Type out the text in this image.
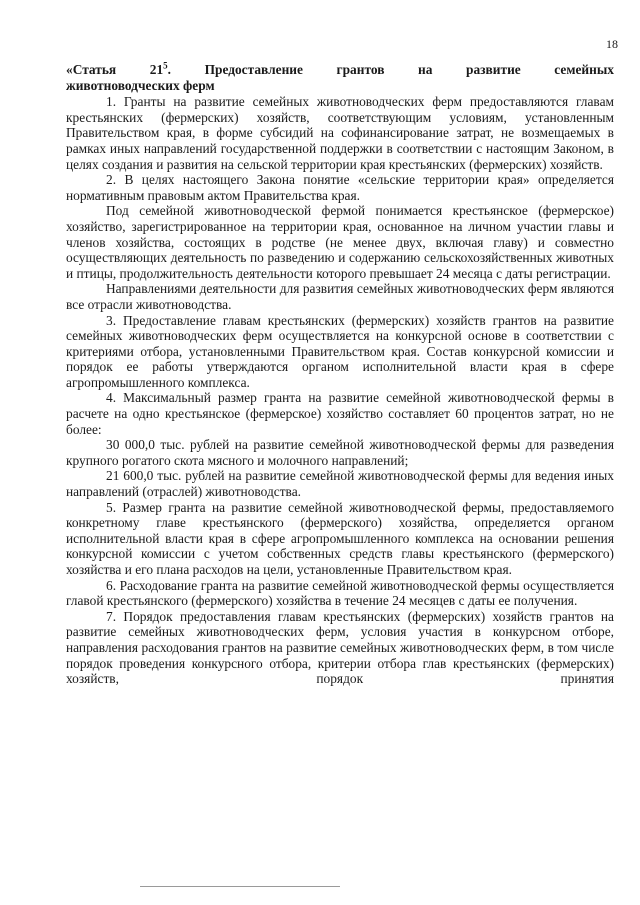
18

«Статья $21^5$. Предоставление грантов на развитие семейных

животноводческих ферм

1. Гранты на развитие семейных животноводческих ферм предоставляются главам крестьянских (фермерских) хозяйств, соответствующим условиям, установленным Правительством края, в форме субсидий на софинансирование затрат, не возмещаемых в рамках иных направлений государственной поддержки в соответствии с настоящим Законом, в целях создания и развития на сельской территории края крестьянских (фермерских) хозяйств.

2. В целях настоящего Закона понятие «сельские территории края» определяется нормативным правовым актом Правительства края.

Под семейной животноводческой фермой понимается крестьянское (фермерское) хозяйство, зарегистрированное на территории края, основанное на личном участии главы и членов хозяйства, состоящих в родстве (не менее двух, включая главу) и совместно осуществляющих деятельность по разведению и содержанию сельскохозяйственных животных и птицы, продолжительность деятельности которого превышает 24 месяца с даты регистрации.

Направлениями деятельности для развития семейных животноводческих ферм являются все отрасли животноводства.

3. Предоставление главам крестьянских (фермерских) хозяйств грантов на развитие семейных животноводческих ферм осуществляется на конкурсной основе в соответствии с критериями отбора, установленными Правительством края. Состав конкурсной комиссии и порядок ее работы утверждаются органом исполнительной власти края в сфере агропромышленного комплекса.

4. Максимальный размер гранта на развитие семейной животноводческой фермы в расчете на одно крестьянское (фермерское) хозяйство составляет 60 процентов затрат, но не более:

30 000,0 тыс. рублей на развитие семейной животноводческой фермы для разведения крупного рогатого скота мясного и молочного направлений;

21 600,0 тыс. рублей на развитие семейной животноводческой фермы для ведения иных направлений (отраслей) животноводства.

5. Размер гранта на развитие семейной животноводческой фермы, предоставляемого конкретному главе крестьянского (фермерского) хозяйства, определяется органом исполнительной власти края в сфере агропромышленного комплекса на основании решения конкурсной комиссии с учетом собственных средств главы крестьянского (фермерского) хозяйства и его плана расходов на цели, установленные Правительством края.

6. Расходование гранта на развитие семейной животноводческой фермы осуществляется главой крестьянского (фермерского) хозяйства в течение 24 месяцев с даты ее получения.

7. Порядок предоставления главам крестьянских (фермерских) хозяйств грантов на развитие семейных животноводческих ферм, условия участия в конкурсном отборе, направления расходования грантов на развитие семейных животноводческих ферм, в том числе порядок проведения конкурсного отбора, критерии отбора глав крестьянских (фермерских) хозяйств, порядок принятия
